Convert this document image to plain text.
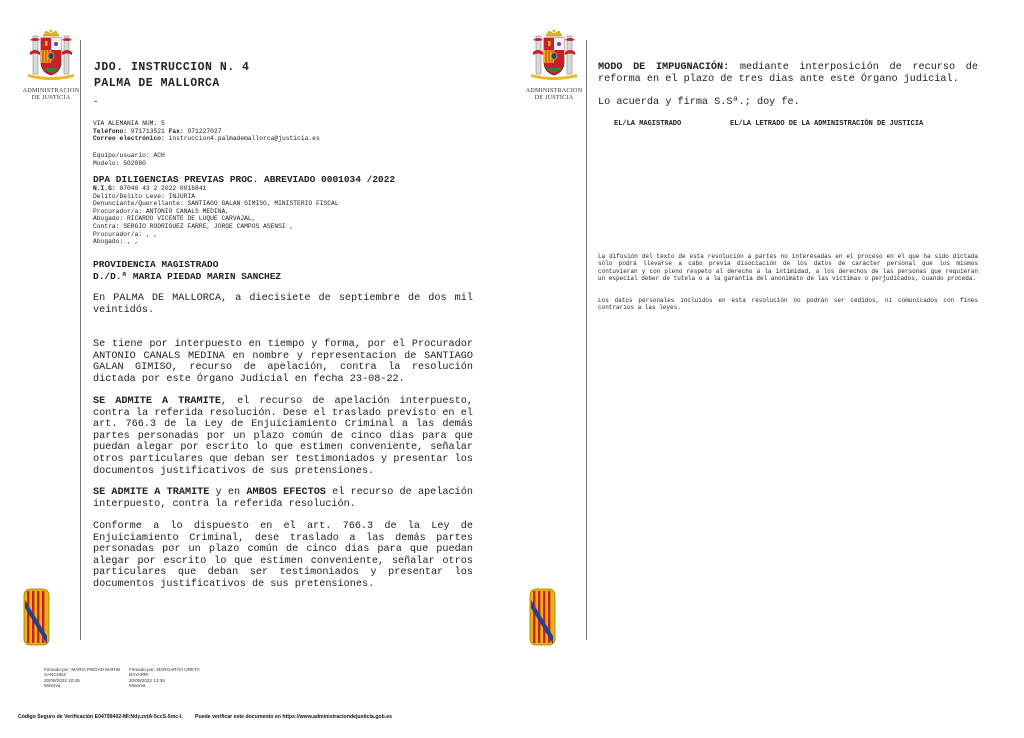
ADMINISTRACION
DE JUSTICIA
JDO. INSTRUCCION N. 4
PALMA DE MALLORCA
-
VIA ALEMANIA NUM. 5
Teléfono: 971713521 Fax: 971227027
Correo electrónico: instruccion4.palmademallorca@justicia.es
Equipo/usuario: ACH
Modelo: 502080
DPA DILIGENCIAS PREVIAS PROC. ABREVIADO 0001034 /2022
N.I.G: 07040 43 2 2022 0016841
Delito/Delito Leve: INJURIA
Denunciante/Querellante: SANTIAGO GALAN GIMISO, MINISTERIO FISCAL
Procurador/a: ANTONIO CANALS MEDINA,
Abogado: RICARDO VICENTE DE LUQUE CARVAJAL,
Contra: SERGIO RODRIGUEZ FARRE, JORGE CAMPOS ASENSI ,
Procurador/a: , ,
Abogado: , ,
PROVIDENCIA MAGISTRADO
D./D.ª MARIA PIEDAD MARIN SANCHEZ
En PALMA DE MALLORCA, a diecisiete de septiembre de dos mil veintidós.
Se tiene por interpuesto en tiempo y forma, por el Procurador ANTONIO CANALS MEDINA en nombre y representacion de SANTIAGO GALAN GIMISO, recurso de apelación, contra la resolución dictada por este Órgano Judicial en fecha 23-08-22.
SE ADMITE A TRAMITE, el recurso de apelación interpuesto, contra la referida resolución. Dese el traslado previsto en el art. 766.3 de la Ley de Enjuiciamiento Criminal a las demás partes personadas por un plazo común de cinco dias para que puedan alegar por escrito lo que estimen conveniente, señalar otros particulares que deban ser testimoniados y presentar los documentos justificativos de sus pretensiones.
SE ADMITE A TRAMITE y en AMBOS EFECTOS el recurso de apelación interpuesto, contra la referida resolución.
Conforme a lo dispuesto en el art. 766.3 de la Ley de Enjuiciamiento Criminal, dese traslado a las demás partes personadas por un plazo común de cinco dias para que puedan alegar por escrito lo que estimen conveniente, señalar otros particulares que deban ser testimoniados y presentar los documentos justificativos de sus pretensiones.
ADMINISTRACION
DE JUSTICIA
MODO DE IMPUGNACIÓN: mediante interposición de recurso de reforma en el plazo de tres dias ante este Órgano judicial.
Lo acuerda y firma S.Sª.; doy fe.
EL/LA MAGISTRADO	EL/LA LETRADO DE LA ADMINISTRACIÓN DE JUSTICIA
La difusión del texto de esta resolución a partes no interesadas en el proceso en el que ha sido dictada sólo podrá llevarse a cabo previa disociación de los datos de carácter personal que los mismos contuvieran y con pleno respeto al derecho a la intimidad, a los derechos de las personas que requieran un especial deber de tutela o a la garantía del anonimato de las víctimas o perjudicados, cuando proceda.
Los datos personales incluidos en esta resolución no podrán ser cedidos, ni comunicados con fines contrarios a las leyes.
Firmado por: MARIA PIEDAD MARIN
SANCHEZ
20/09/2022 10:45
Minerva
Firmado por: MARGARITA URETA
BAYARRI
20/09/2022 13:39
Minerva
Código Seguro de Verificación E04799402-MI:Ndy.zvtA-5ccS-5mc-l. Puede verificar este documento en https://www.administraciondejusticia.gob.es
